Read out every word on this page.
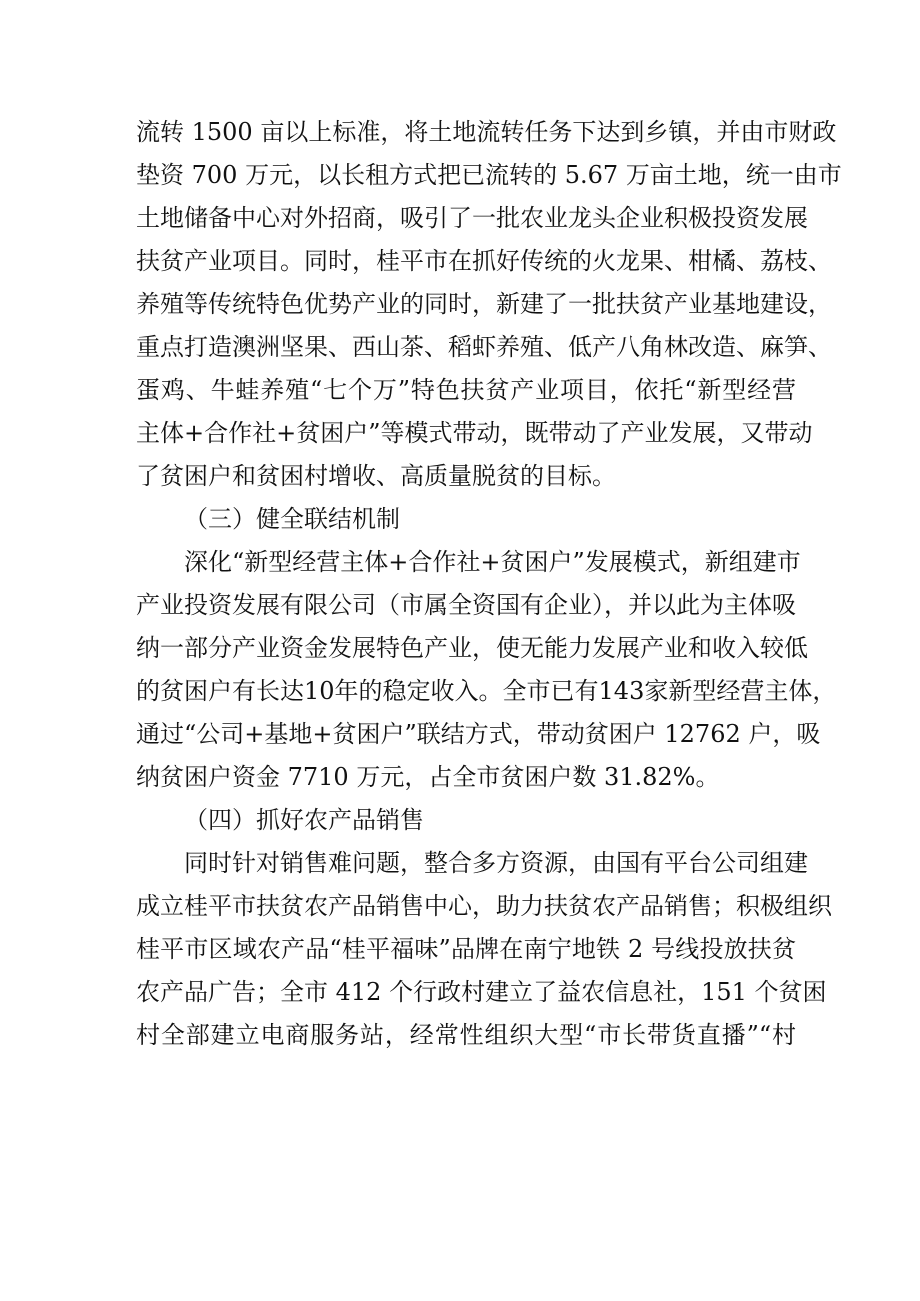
流转 1500 亩以上标准，将土地流转任务下达到乡镇，并由市财政
垫资 700 万元，以长租方式把已流转的 5.67 万亩土地，统一由市
土地储备中心对外招商，吸引了一批农业龙头企业积极投资发展
扶贫产业项目。同时，桂平市在抓好传统的火龙果、柑橘、荔枝、
养殖等传统特色优势产业的同时，新建了一批扶贫产业基地建设，
重点打造澳洲坚果、西山茶、稻虾养殖、低产八角林改造、麻笋、
蛋鸡、牛蛙养殖“七个万”特色扶贫产业项目，依托“新型经营
主体+合作社+贫困户”等模式带动，既带动了产业发展，又带动
了贫困户和贫困村增收、高质量脱贫的目标。
（三）健全联结机制
深化“新型经营主体+合作社+贫困户”发展模式，新组建市
产业投资发展有限公司（市属全资国有企业），并以此为主体吸
纳一部分产业资金发展特色产业，使无能力发展产业和收入较低
的贫困户有长达10年的稳定收入。全市已有143家新型经营主体，
通过“公司+基地+贫困户”联结方式，带动贫困户 12762 户，吸
纳贫困户资金 7710 万元，占全市贫困户数 31.82%。
（四）抓好农产品销售
同时针对销售难问题，整合多方资源，由国有平台公司组建
成立桂平市扶贫农产品销售中心，助力扶贫农产品销售；积极组织
桂平市区域农产品“桂平福味”品牌在南宁地铁 2 号线投放扶贫
农产品广告；全市 412 个行政村建立了益农信息社，151 个贫困
村全部建立电商服务站，经常性组织大型“市长带货直播”“村
